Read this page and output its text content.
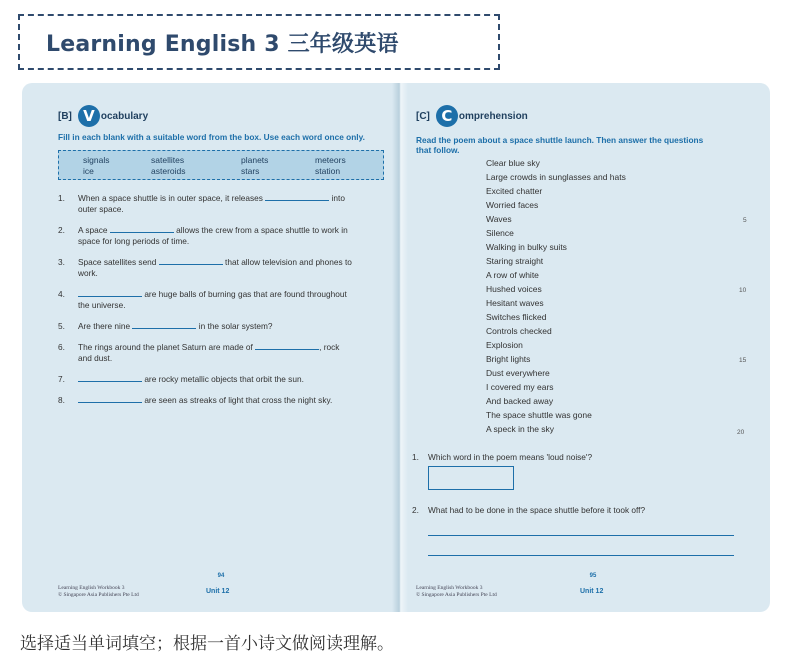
Learning English 3 三年级英语
[B] V ocabulary
Fill in each blank with a suitable word from the box. Use each word once only.
signals	satellites	planets	meteors
ice	asteroids	stars	station
1. When a space shuttle is in outer space, it releases	into
outer space.
2. A space	allows the crew from a space shuttle to work in
space for long periods of time.
3. Space satellites send	that allow television and phones to
work.
4.	are huge balls of burning gas that are found throughout
the universe.
5. Are there nine	in the solar system?
6. The rings around the planet Saturn are made of	, rock
and dust.
7.	are rocky metallic objects that orbit the sun.
8.	are seen as streaks of light that cross the night sky.
Learning English Workbook 3
© Singapore Asia Publishers Pte Ltd
94
Unit 12
[C] C omprehension
Read the poem about a space shuttle launch. Then answer the questions
that follow.
Clear blue sky
Large crowds in sunglasses and hats
Excited chatter
Worried faces
Waves
Silence
Walking in bulky suits
Staring straight
A row of white
Hushed voices
Hesitant waves
Switches flicked
Controls checked
Explosion
Bright lights
Dust everywhere
I covered my ears
And backed away
The space shuttle was gone
A speck in the sky
5
10
15
20
1. Which word in the poem means 'loud noise'?
2. What had to be done in the space shuttle before it took off?
Learning English Workbook 3
© Singapore Asia Publishers Pte Ltd
95
Unit 12
选择适当单词填空；根据一首小诗文做阅读理解。
